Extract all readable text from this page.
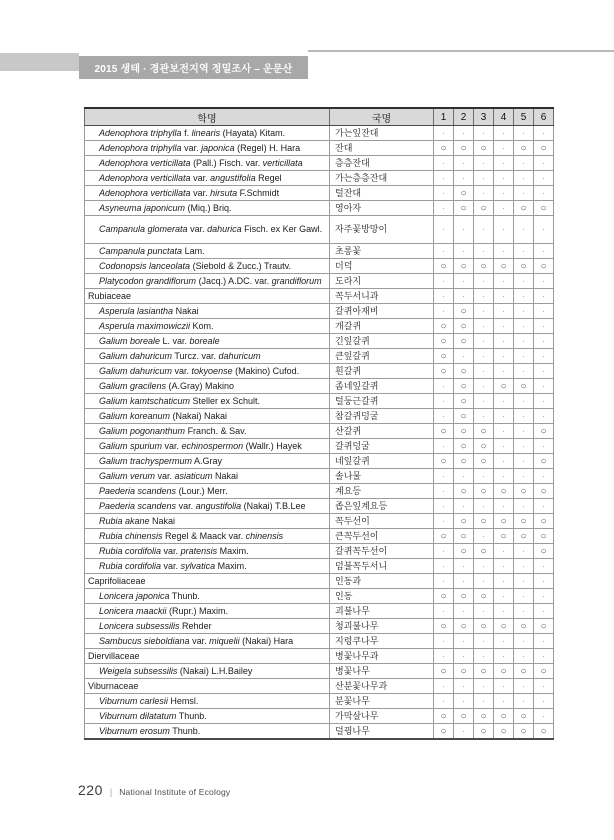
2015 생태 · 경관보전지역 정밀조사 – 운문산
학명	국명	1	2	3	4	5	6
Adenophora triphylla f. linearis (Hayata) Kitam.	가는잎잔대	·	·	·	·	·	·
Adenophora triphylla var. japonica (Regel) H. Hara	잔대	○	○	○	·	○	○
Adenophora verticillata (Pall.) Fisch. var. verticillata	층층잔대	·	·	·	·	·	·
Adenophora verticillata var. angustifolia Regel	가는층층잔대	·	·	·	·	·	·
Adenophora verticillata var. hirsuta F.Schmidt	털잔대	·	○	·	·	·	·
Asyneuma japonicum (Miq.) Briq.	영아자	·	○	○	·	○	○
Campanula glomerata var. dahurica Fisch. ex Ker Gawl.	자주꽃방망이	·	·	·	·	·	·
Campanula punctata Lam.	초롱꽃	·	·	·	·	·	·
Codonopsis lanceolata (Siebold & Zucc.) Trautv.	더덕	○	○	○	○	○	○
Platycodon grandiflorum (Jacq.) A.DC. var. grandiflorum	도라지	·	·	·	·	·	·
Rubiaceae	꼭두서니과	·	·	·	·	·	·
Asperula lasiantha Nakai	갈퀴아재비	·	○	·	·	·	·
Asperula maximowiczii Kom.	개갈퀴	○	○	·	·	·	·
Galium boreale L. var. boreale	긴잎갈퀴	○	○	·	·	·	·
Galium dahuricum Turcz. var. dahuricum	큰잎갈퀴	○	·	·	·	·	·
Galium dahuricum var. tokyoense (Makino) Cufod.	흰갈퀴	○	○	·	·	·	·
Galium gracilens (A.Gray) Makino	좀네잎갈퀴	·	○	·	○	○	·
Galium kamtschaticum Steller ex Schult.	털둥근갈퀴	·	○	·	·	·	·
Galium koreanum (Nakai) Nakai	참갈퀴덩굴	·	○	·	·	·	·
Galium pogonanthum Franch. & Sav.	산갈퀴	○	○	○	·	·	○
Galium spurium var. echinospermon (Wallr.) Hayek	갈퀴덩굴	·	○	○	·	·	·
Galium trachyspermum A.Gray	네잎갈퀴	○	○	○	·	·	○
Galium verum var. asiaticum Nakai	솔나물	·	·	·	·	·	·
Paederia scandens (Lour.) Merr.	계요등	·	○	○	○	○	○
Paederia scandens var. angustifolia (Nakai) T.B.Lee	좁은잎계요등	·	·	·	·	·	·
Rubia akane Nakai	꼭두선이	·	○	○	○	○	○
Rubia chinensis Regel & Maack var. chinensis	큰꼭두선이	○	○	·	○	○	○
Rubia cordifolia var. pratensis Maxim.	갈퀴꼭두선이	·	○	○	·	·	○
Rubia cordifolia var. sylvatica Maxim.	덤불꼭두서니	·	·	·	·	·	·
Caprifoliaceae	인동과	·	·	·	·	·	·
Lonicera japonica Thunb.	인동	○	○	○	·	·	·
Lonicera maackii (Rupr.) Maxim.	괴불나무	·	·	·	·	·	·
Lonicera subsessilis Rehder	청괴불나무	○	○	○	○	○	○
Sambucus sieboldiana var. miquelii (Nakai) Hara	지렁쿠나무	·	·	·	·	·	·
Diervillaceae	병꽃나무과	·	·	·	·	·	·
Weigela subsessilis (Nakai) L.H.Bailey	병꽃나무	○	○	○	○	○	○
Viburnaceae	산분꽃나무과	·	·	·	·	·	·
Viburnum carlesii Hemsl.	분꽃나무	·	·	·	·	·	·
Viburnum dilatatum Thunb.	가막살나무	○	○	○	○	○	·
Viburnum erosum Thunb.	덜꿩나무	○	·	○	○	○	○
220 | National Institute of Ecology
